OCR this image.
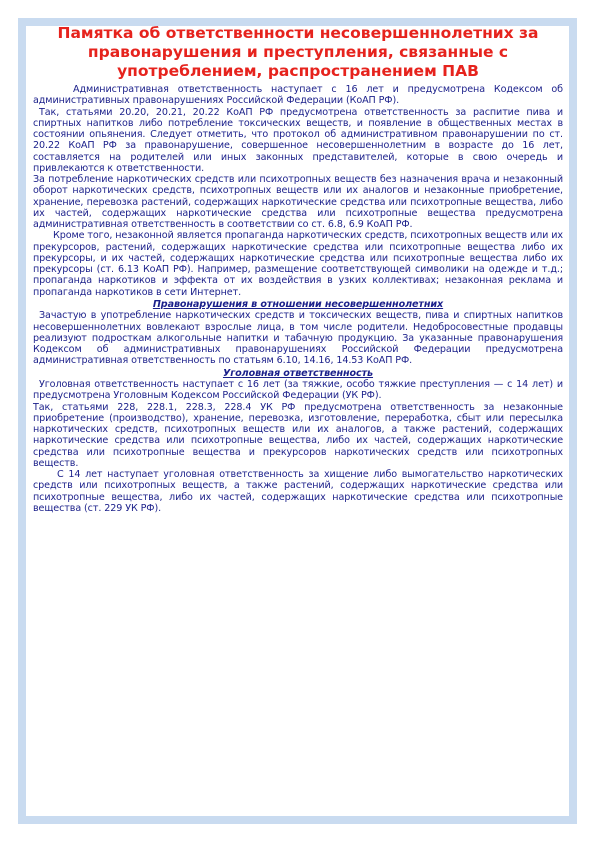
Памятка об ответственности несовершеннолетних за правонарушения и преступления, связанные с употреблением, распространением ПАВ

Административная ответственность наступает с 16 лет и предусмотрена Кодексом об административных правонарушениях Российской Федерации (КоАП РФ).

Так, статьями 20.20, 20.21, 20.22 КоАП РФ предусмотрена ответственность за распитие пива и спиртных напитков либо потребление токсических веществ, и появление в общественных местах в состоянии опьянения. Следует отметить, что протокол об административном правонарушении по ст. 20.22 КоАП РФ за правонарушение, совершенное несовершеннолетним в возрасте до 16 лет, составляется на родителей или иных законных представителей, которые в свою очередь и привлекаются к ответственности.

За потребление наркотических средств или психотропных веществ без назначения врача и незаконный оборот наркотических средств, психотропных веществ или их аналогов и незаконные приобретение, хранение, перевозка растений, содержащих наркотические средства или психотропные вещества, либо их частей, содержащих наркотические средства или психотропные вещества предусмотрена административная ответственность в соответствии со ст. 6.8, 6.9 КоАП РФ.

Кроме того, незаконной является пропаганда наркотических средств, психотропных веществ или их прекурсоров, растений, содержащих наркотические средства или психотропные вещества либо их прекурсоры, и их частей, содержащих наркотические средства или психотропные вещества либо их прекурсоры (ст. 6.13 КоАП РФ). Например, размещение соответствующей символики на одежде и т.д.; пропаганда наркотиков и эффекта от их воздействия в узких коллективах; незаконная реклама и пропаганда наркотиков в сети Интернет.

Правонарушения в отношении несовершеннолетних

Зачастую в употребление наркотических средств и токсических веществ, пива и спиртных напитков несовершеннолетних вовлекают взрослые лица, в том числе родители. Недобросовестные продавцы реализуют подросткам алкогольные напитки и табачную продукцию. За указанные правонарушения Кодексом об административных правонарушениях Российской Федерации предусмотрена административная ответственность по статьям 6.10, 14.16, 14.53 КоАП РФ.

Уголовная ответственность

Уголовная ответственность наступает с 16 лет (за тяжкие, особо тяжкие преступления — с 14 лет) и предусмотрена Уголовным Кодексом Российской Федерации (УК РФ).

Так, статьями 228, 228.1, 228.3, 228.4 УК РФ предусмотрена ответственность за незаконные приобретение (производство), хранение, перевозка, изготовление, переработка, сбыт или пересылка наркотических средств, психотропных веществ или их аналогов, а также растений, содержащих наркотические средства или психотропные вещества, либо их частей, содержащих наркотические средства или психотропные вещества и прекурсоров наркотических средств или психотропных веществ.

С 14 лет наступает уголовная ответственность за хищение либо вымогательство наркотических средств или психотропных веществ, а также растений, содержащих наркотические средства или психотропные вещества, либо их частей, содержащих наркотические средства или психотропные вещества (ст. 229 УК РФ).
